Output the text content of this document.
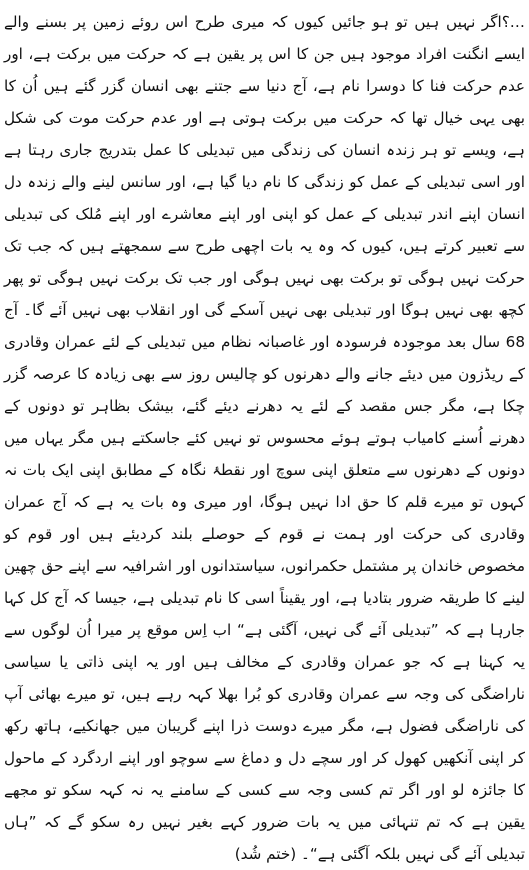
…؟اگر نہیں ہیں تو ہو جائیں کیوں کہ میری طرح اس روئے زمین پر بسنے والے ایسے انگنت افراد موجود ہیں جن کا اس پر یقین ہے کہ حرکت میں برکت ہے، اور عدم حرکت فنا کا دوسرا نام ہے، آج دنیا سے جتنے بھی انسان گزر گئے ہیں اُن کا بھی یہی خیال تھا کہ حرکت میں برکت ہوتی ہے اور عدم حرکت موت کی شکل ہے، ویسے تو ہر زندہ انسان کی زندگی میں تبدیلی کا عمل بتدریج جاری رہتا ہے اور اسی تبدیلی کے عمل کو زندگی کا نام دیا گیا ہے، اور سانس لینے والے زندہ دل انسان اپنے اندر تبدیلی کے عمل کو اپنی اور اپنے معاشرے اور اپنے مُلک کی تبدیلی سے تعبیر کرتے ہیں، کیوں کہ وہ یہ بات اچھی طرح سے سمجھتے ہیں کہ جب تک حرکت نہیں ہوگی تو برکت بھی نہیں ہوگی اور جب تک برکت نہیں ہوگی تو پھر کچھ بھی نہیں ہوگا اور تبدیلی بھی نہیں آسکے گی اور انقلاب بھی نہیں آئے گا۔ آج 68 سال بعد موجودہ فرسودہ اور غاصبانہ نظام میں تبدیلی کے لئے عمران وقادری کے ریڈزون میں دیئے جانے والے دھرنوں کو چالیس روز سے بھی زیادہ کا عرصہ گزر چکا ہے، مگر جس مقصد کے لئے یہ دھرنے دیئے گئے، بیشک بظاہر تو دونوں کے دھرنے اُسنے کامیاب ہوتے ہوئے محسوس تو نہیں کئے جاسکتے ہیں مگر یہاں میں دونوں کے دھرنوں سے متعلق اپنی سوچ اور نقطۂ نگاہ کے مطابق اپنی ایک بات نہ کہوں تو میرے قلم کا حق ادا نہیں ہوگا، اور میری وہ بات یہ ہے کہ آج عمران وقادری کی حرکت اور ہمت نے قوم کے حوصلے بلند کردیئے ہیں اور قوم کو مخصوص خاندان پر مشتمل حکمرانوں، سیاستدانوں اور اشرافیہ سے اپنے حق چھین لینے کا طریقہ ضرور بتادیا ہے، اور یقیناً اسی کا نام تبدیلی ہے، جیسا کہ آج کل کہا جارہا ہے کہ ”تبدیلی آئے گی نہیں، آگئی ہے“ اب اِس موقع پر میرا اُن لوگوں سے یہ کہنا ہے کہ جو عمران وقادری کے مخالف ہیں اور یہ اپنی ذاتی یا سیاسی ناراضگی کی وجہ سے عمران وقادری کو بُرا بھلا کہہ رہے ہیں، تو میرے بھائی آپ کی ناراضگی فضول ہے، مگر میرے دوست ذرا اپنے گریبان میں جھانکیے، ہاتھ رکھ کر اپنی آنکھیں کھول کر اور سچے دل و دماغ سے سوچو اور اپنے اردگرد کے ماحول کا جائزہ لو اور اگر تم کسی وجہ سے کسی کے سامنے یہ نہ کہہ سکو تو مجھے یقین ہے کہ تم تنہائی میں یہ بات ضرور کہے بغیر نہیں رہ سکو گے کہ ”ہاں تبدیلی آئے گی نہیں بلکہ آگئی ہے“۔ (ختم شُد)
